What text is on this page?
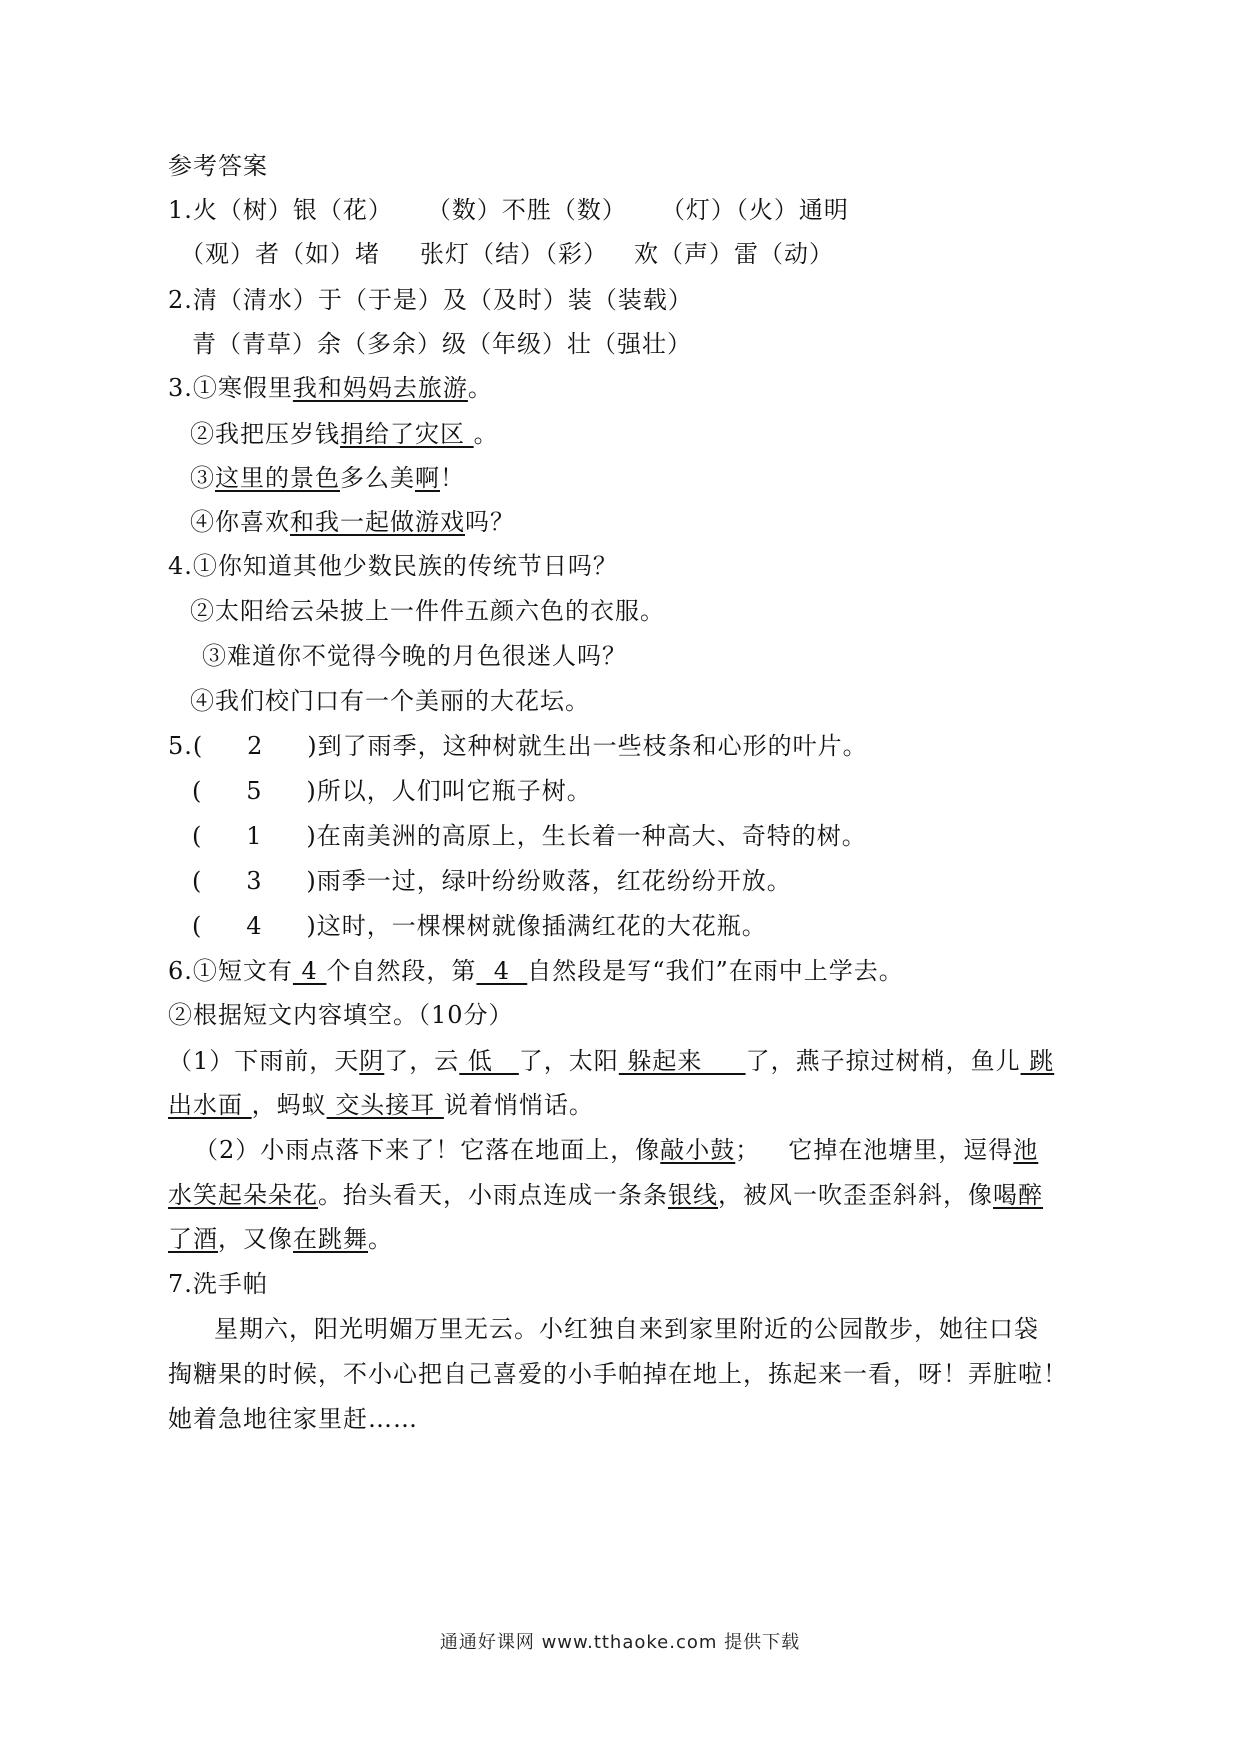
参考答案
1.火（树）银（花） （数）不胜（数） （灯）（火）通明
（观）者（如）堵 张灯（结）（彩） 欢（声）雷（动）
2.清（清水）于（于是）及（及时）装（装载）
青（青草）余（多余）级（年级）壮（强壮）
3.①寒假里我和妈妈去旅游。
②我把压岁钱捐给了灾区 。
③这里的景色多么美啊！
④你喜欢和我一起做游戏吗？
4.①你知道其他少数民族的传统节日吗？
②太阳给云朵披上一件件五颜六色的衣服。
③难道你不觉得今晚的月色很迷人吗？
④我们校门口有一个美丽的大花坛。
5.( 2 )到了雨季，这种树就生出一些枝条和心形的叶片。
( 5 )所以，人们叫它瓶子树。
( 1 )在南美洲的高原上，生长着一种高大、奇特的树。
( 3 )雨季一过，绿叶纷纷败落，红花纷纷开放。
( 4 )这时，一棵棵树就像插满红花的大花瓶。
6.①短文有 4 个自然段，第  4  自然段是写“我们”在雨中上学去。
②根据短文内容填空。（10分）
（1）下雨前，天阴了，云 低   了，太阳 躲起来     了，燕子掠过树梢，鱼儿 跳
出水面 ，蚂蚁 交头接耳 说着悄悄话。
（2）小雨点落下来了！它落在地面上，像敲小鼓； 它掉在池塘里，逗得池
水笑起朵朵花。抬头看天，小雨点连成一条条银线，被风一吹歪歪斜斜，像喝醉
了酒，又像在跳舞。
7.洗手帕
星期六，阳光明媚万里无云。小红独自来到家里附近的公园散步，她往口袋
掏糖果的时候，不小心把自己喜爱的小手帕掉在地上，拣起来一看，呀！弄脏啦！
她着急地往家里赶……
通通好课网 www.tthaoke.com 提供下载
